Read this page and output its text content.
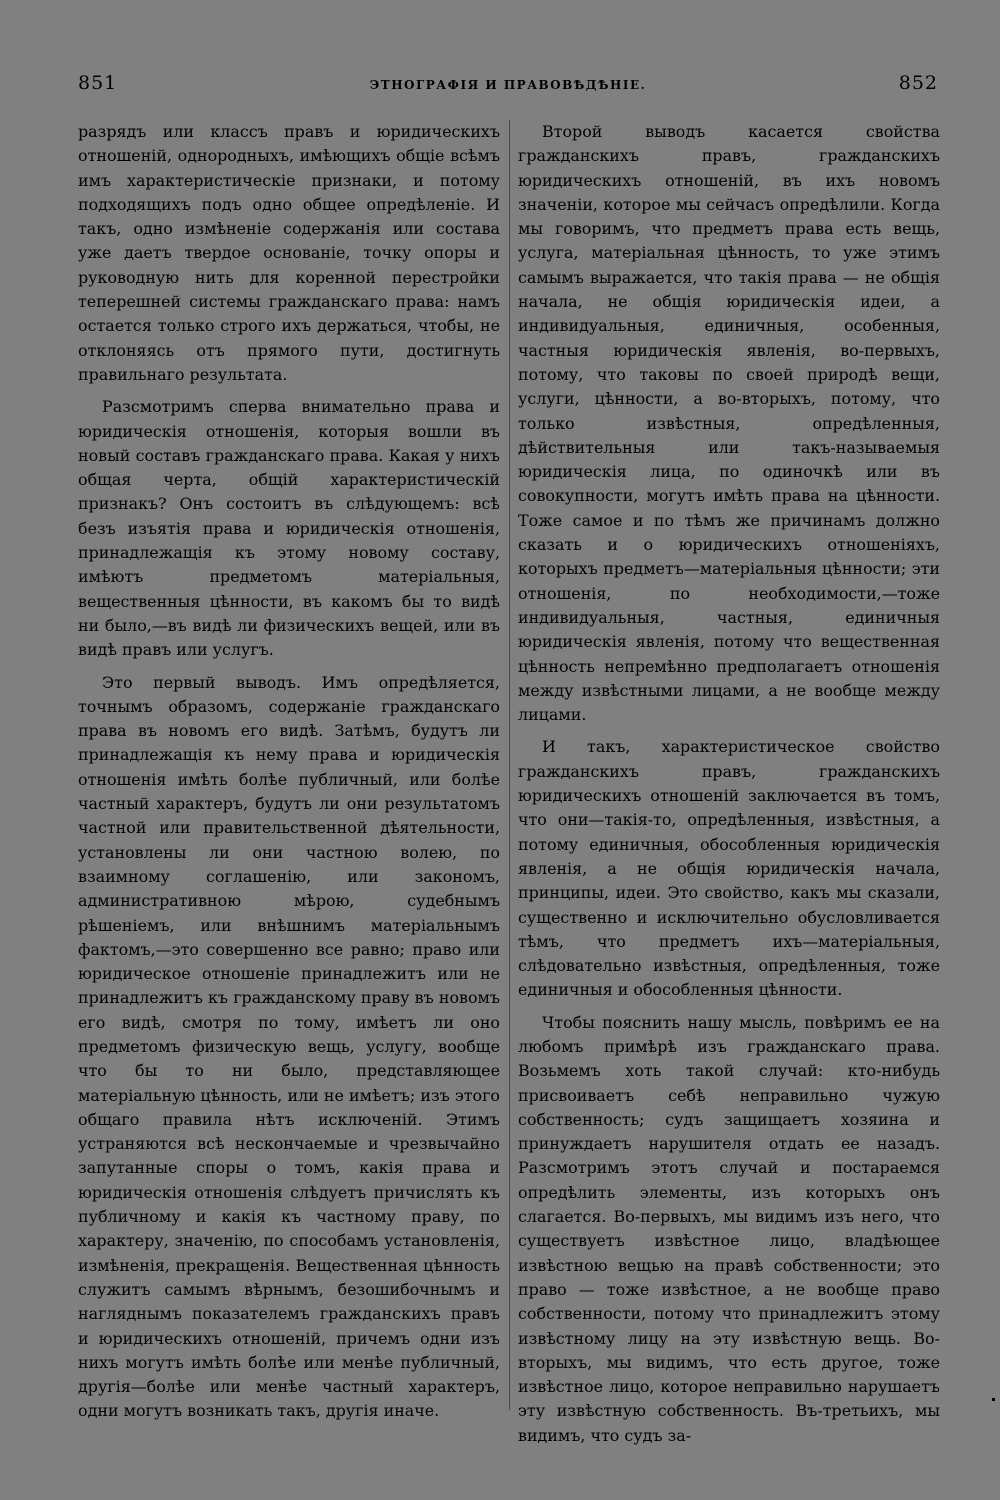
851	ЭТНОГРАФІЯ И ПРАВОВѢДѢНІЕ.	852

разрядъ или классъ правъ и юридическихъ отношеній, однородныхъ, имѣющихъ общіе всѣмъ имъ характеристическіе признаки, и потому подходящихъ подъ одно общее опредѣленіе. И такъ, одно измѣненіе содержанія или состава уже даетъ твердое основаніе, точку опоры и руководную нить для коренной перестройки теперешней системы гражданскаго права: намъ остается только строго ихъ держаться, чтобы, не отклоняясь отъ прямого пути, достигнуть правильнаго результата.

Разсмотримъ сперва внимательно права и юридическія отношенія, которыя вошли въ новый составъ гражданскаго права. Какая у нихъ общая черта, общій характеристическій признакъ? Онъ состоитъ въ слѣдующемъ: всѣ безъ изъятія права и юридическія отношенія, принадлежащія къ этому новому составу, имѣютъ предметомъ матеріальныя, вещественныя цѣнности, въ какомъ бы то видѣ ни было,—въ видѣ ли физическихъ вещей, или въ видѣ правъ или услугъ.

Это первый выводъ. Имъ опредѣляется, точнымъ образомъ, содержаніе гражданскаго права въ новомъ его видѣ. Затѣмъ, будутъ ли принадлежащія къ нему права и юридическія отношенія имѣть болѣе публичный, или болѣе частный характеръ, будутъ ли они результатомъ частной или правительственной дѣятельности, установлены ли они частною волею, по взаимному соглашенію, или закономъ, административною мѣрою, судебнымъ рѣшеніемъ, или внѣшнимъ матеріальнымъ фактомъ,—это совершенно все равно; право или юридическое отношеніе принадлежитъ или не принадлежитъ къ гражданскому праву въ новомъ его видѣ, смотря по тому, имѣетъ ли оно предметомъ физическую вещь, услугу, вообще что бы то ни было, представляющее матеріальную цѣнность, или не имѣетъ; изъ этого общаго правила нѣтъ исключеній. Этимъ устраняются всѣ нескончаемые и чрезвычайно запутанные споры о томъ, какія права и юридическія отношенія слѣдуетъ причислять къ публичному и какія къ частному праву, по характеру, значенію, по способамъ установленія, измѣненія, прекращенія. Вещественная цѣнность служитъ самымъ вѣрнымъ, безошибочнымъ и нагляднымъ показателемъ гражданскихъ правъ и юридическихъ отношеній, причемъ одни изъ нихъ могутъ имѣть болѣе или менѣе публичный, другія—болѣе или менѣе частный характеръ, одни могутъ возникать такъ, другія иначе.

Второй выводъ касается свойства гражданскихъ правъ, гражданскихъ юридическихъ отношеній, въ ихъ новомъ значеніи, которое мы сейчасъ опредѣлили. Когда мы говоримъ, что предметъ права есть вещь, услуга, матеріальная цѣнность, то уже этимъ самымъ выражается, что такія права — не общія начала, не общія юридическія идеи, а индивидуальныя, единичныя, особенныя, частныя юридическія явленія, во-первыхъ, потому, что таковы по своей природѣ вещи, услуги, цѣнности, а во-вторыхъ, потому, что только извѣстныя, опредѣленныя, дѣйствительныя или такъ-называемыя юридическія лица, по одиночкѣ или въ совокупности, могутъ имѣть права на цѣнности. Тоже самое и по тѣмъ же причинамъ должно сказать и о юридическихъ отношеніяхъ, которыхъ предметъ—матеріальныя цѣнности; эти отношенія, по необходимости,—тоже индивидуальныя, частныя, единичныя юридическія явленія, потому что вещественная цѣнность непремѣнно предполагаетъ отношенія между извѣстными лицами, а не вообще между лицами.

И такъ, характеристическое свойство гражданскихъ правъ, гражданскихъ юридическихъ отношеній заключается въ томъ, что они—такія-то, опредѣленныя, извѣстныя, а потому единичныя, обособленныя юридическія явленія, а не общія юридическія начала, принципы, идеи. Это свойство, какъ мы сказали, существенно и исключительно обусловливается тѣмъ, что предметъ ихъ—матеріальныя, слѣдовательно извѣстныя, опредѣленныя, тоже единичныя и обособленныя цѣнности.

Чтобы пояснить нашу мысль, повѣримъ ее на любомъ примѣрѣ изъ гражданскаго права. Возьмемъ хоть такой случай: кто-нибудь присвоиваетъ себѣ неправильно чужую собственность; судъ защищаетъ хозяина и принуждаетъ нарушителя отдать ее назадъ. Разсмотримъ этотъ случай и постараемся опредѣлить элементы, изъ которыхъ онъ слагается. Во-первыхъ, мы видимъ изъ него, что существуетъ извѣстное лицо, владѣющее извѣстною вещью на правѣ собственности; это право — тоже извѣстное, а не вообще право собственности, потому что принадлежитъ этому извѣстному лицу на эту извѣстную вещь. Во-вторыхъ, мы видимъ, что есть другое, тоже извѣстное лицо, которое неправильно нарушаетъ эту извѣстную собственность. Въ-третьихъ, мы видимъ, что судъ за-
